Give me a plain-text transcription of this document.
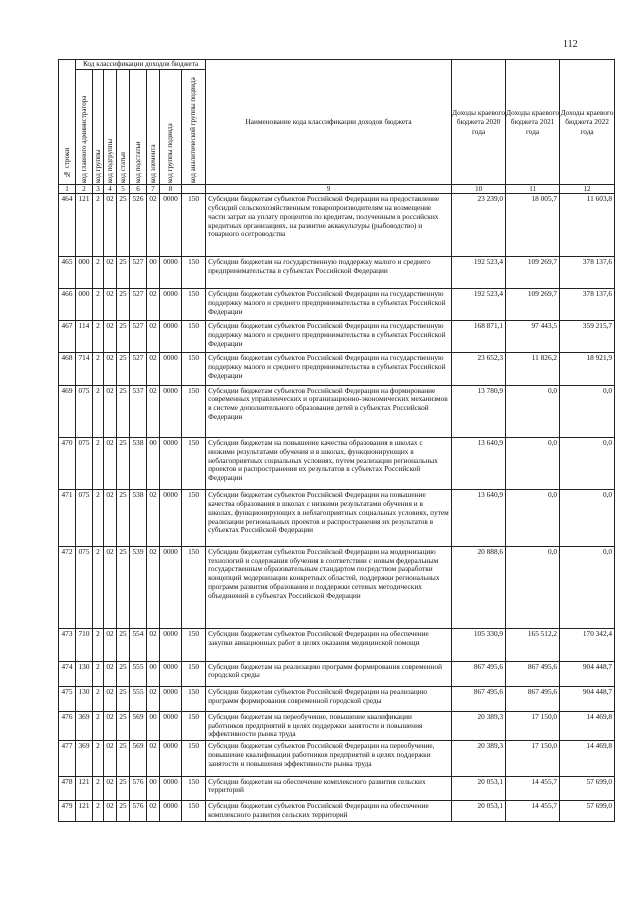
112
№ строки	Код классификации доходов бюджета								Наименование кода классификации доходов бюджета	Доходы краевого бюджета 2020 года	Доходы краевого бюджета 2021 года	Доходы краевого бюджета 2022 года

	код главного администратора	код группы	код подгруппы	код статьи	код подстатьи	код элемента	код группы подвида	код аналитической группы подвида				

1	2	3	4	5	6	7	8		9	10	11	12
464	121	2	02	25	526	02	0000	150	Субсидии бюджетам субъектов Российской Федерации на предоставление субсидий сельскохозяйственным товаропроизводителям на возмещение части затрат на уплату процентов по кредитам, полученным в российских кредитных организациях, на развитие аквакультуры (рыбоводство) и товарного осетроводства	23 239,0	18 005,7	11 603,8
465	000	2	02	25	527	00	0000	150	Субсидии бюджетам на государственную поддержку малого и среднего предпринимательства в субъектах Российской Федерации	192 523,4	109 269,7	378 137,6
466	000	2	02	25	527	02	0000	150	Субсидии бюджетам субъектов Российской Федерации на государственную поддержку малого и среднего предпринимательства в субъектах Российской Федерации	192 523,4	109 269,7	378 137,6
467	114	2	02	25	527	02	0000	150	Субсидии бюджетам субъектов Российской Федерации на государственную поддержку малого и среднего предпринимательства в субъектах Российской Федерации	168 871,1	97 443,5	359 215,7
468	714	2	02	25	527	02	0000	150	Субсидии бюджетам субъектов Российской Федерации на государственную поддержку малого и среднего предпринимательства в субъектах Российской Федерации	23 652,3	11 826,2	18 921,9
469	075	2	02	25	537	02	0000	150	Субсидии бюджетам субъектов Российской Федерации на формирование современных управленческих и организационно-экономических механизмов в системе дополнительного образования детей в субъектах Российской Федерации	13 780,9	0,0	0,0
470	075	2	02	25	538	00	0000	150	Субсидии бюджетам на повышение качества образования в школах с низкими результатами обучения и в школах, функционирующих в неблагоприятных социальных условиях, путем реализации региональных проектов и распространения их результатов в субъектах Российской Федерации	13 640,9	0,0	0,0
471	075	2	02	25	538	02	0000	150	Субсидии бюджетам субъектов Российской Федерации на повышение качества образования в школах с низкими результатами обучения и в школах, функционирующих в неблагоприятных социальных условиях, путем реализации региональных проектов и распространения их результатов в субъектах Российской Федерации	13 640,9	0,0	0,0
472	075	2	02	25	539	02	0000	150	Субсидии бюджетам субъектов Российской Федерации на модернизацию технологий и содержания обучения в соответствии с новым федеральным государственным образовательным стандартом посредством разработки концепций модернизации конкретных областей, поддержки региональных программ развития образования и поддержки сетевых методических объединений в субъектах Российской Федерации	20 888,6	0,0	0,0
473	710	2	02	25	554	02	0000	150	Субсидии бюджетам субъектов Российской Федерации на обеспечение закупки авиационных работ в целях оказания медицинской помощи	105 330,9	165 512,2	170 342,4
474	130	2	02	25	555	00	0000	150	Субсидии бюджетам на реализацию программ формирования современной городской среды	867 495,6	867 495,6	904 448,7
475	130	2	02	25	555	02	0000	150	Субсидии бюджетам субъектов Российской Федерации на реализацию программ формирования современной городской среды	867 495,6	867 495,6	904 448,7
476	369	2	02	25	569	00	0000	150	Субсидии бюджетам на переобучение, повышение квалификации работников предприятий в целях поддержки занятости и повышения эффективности рынка труда	20 389,3	17 150,0	14 469,8
477	369	2	02	25	569	02	0000	150	Субсидии бюджетам субъектов Российской Федерации на переобучение, повышение квалификации работников предприятий в целях поддержки занятости и повышения эффективности рынка труда	20 389,3	17 150,0	14 469,8
478	121	2	02	25	576	00	0000	150	Субсидии бюджетам на обеспечение комплексного развития сельских территорий	20 053,1	14 455,7	57 699,0
479	121	2	02	25	576	02	0000	150	Субсидии бюджетам субъектов Российской Федерации на обеспечение комплексного развития сельских территорий	20 053,1	14 455,7	57 699,0
